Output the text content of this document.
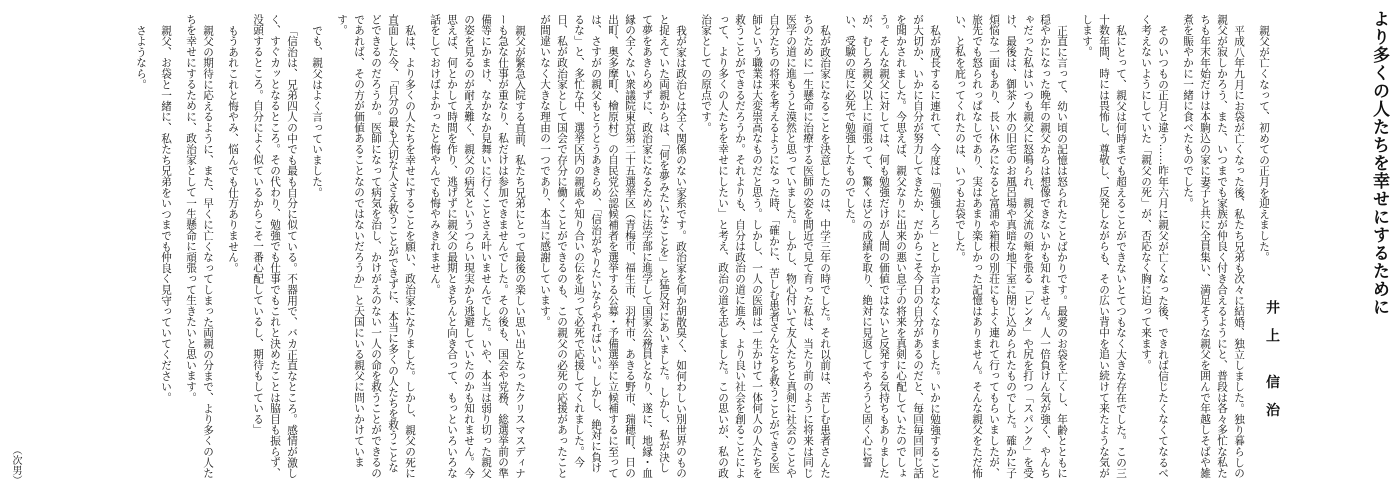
より多くの人たちを幸せにするために
井上 信治

親父が亡くなって、初めての正月を迎えました。

平成八年九月にお袋が亡くなった後、私たち兄弟も次々に結婚、独立しました。独り暮らしの親父が寂しかろう、また、いつまでも家族が仲良く付き合えるようにと、普段は各々多忙な私たちも年末年始だけは本駒込の家に妻子と共に全員集い、満足そうな親父を囲んで年越しそばや雑煮を賑やかに一緒に食べたものでした。

そのいつもの正月と違う……昨年六月に親父が亡くなった後、できれば信じたくなくてなるべく考えないようにしていた「親父の死」が、否応なく胸に迫って来ます。

私にとって、親父は何時までも超えることができないとてつもなく大きな存在でした。この三十数年間、時には畏怖し、尊敬し、反発しながらも、その広い背中を追い続けて来たような気がします。

正直に言って、幼い頃の記憶は怒られたことばかりです。最愛のお袋を亡くし、年齢とともに穏やかになった晩年の親父からは想像できないかも知れません。人一倍負けん気が強く、やんちゃだった私はいつも親父に怒鳴られ、親父流の頬を張る「ビンタ」や尻を打つ「スパンク」を受け、最後は、御茶ノ水の旧宅のお風呂場や真暗な地下室に閉じ込められたものでした。確かに子煩悩な一面もあり、長い休みになると富浦や箱根の別荘にもよく連れて行ってもらいましたが、旅先でも怒られっぱなしであり、実はあまり楽しかった記憶はありません。そんな親父をただ怖い、と私を庇ってくれたのは、いつもお袋でした。

私が成長するに連れて、今度は「勉強しろ」としか言わなくなりました。いかに勉強することが大切か、いかに自分が努力してきたか、だからこそ今日の自分があるのだと、毎回毎回同じ話を聞かされました。今思えば、親父なりに出来の悪い息子の将来を真剣に心配していたのでしょう。そんな親父に対しては、何も勉強だけが人間の価値ではないと反発する気持ちもありましたが、むしろ親父以上に頑張って、驚くほどの成績を取り、絶対に見返してやろうと固く心に誓い、受験の度に必死で勉強したものでした。

私が政治家になることを決意したのは、中学三年の時でした。それ以前は、苦しむ患者さんたちのために一生懸命に治療する医師の姿を間近で見て育った私は、当たり前のように将来は同じ医学の道に進もうと漠然と思っていました。しかし、物心付いて友人たちと真剣に社会のことや自分たちの将来を考えるようになった時、「確かに、苦しむ患者さんたちを救うことができる医師という職業は大変崇高なものだと思う。しかし、一人の医師は一生かけて一体何人の人たちを救うことができるだろうか。それよりも、自分は政治の道に進み、より良い社会を創ることによって、より多くの人たちを幸せにしたい」と考え、政治の道を志しました。この思いが、私の政治家としての原点です。

我が家は政治とは全く関係のない家系です。政治家を何か胡散臭く、如何わしい別世界のものと捉えていた両親からは、「何を夢みたいなことを」と猛反対にあいました。しかし、私が決して夢をあきらめずに、政治家になるために法学部に進学して国家公務員となり、遂に、地縁・血縁の全くない衆議院東京第二十五選挙区（青梅市、福生市、羽村市、あきる野市、瑞穂町、日の出町、奥多摩町、檜原村）の自民党公認候補者を選挙する公募・予備選挙に立候補するに至っては、さすがの親父もとうとうあきらめ、「信治がやりたいならやればいい。しかし、絶対に負けるな」と、多忙な中、選挙区内の親戚や知り合いの伝を辿って必死で応援してくれました。今日、私が政治家として国会で存分に働くことができるのも、この親父の必死の応援があったことが間違いなく大きな理由の一つであり、本当に感謝しています。

親父が緊急入院する直前、私たち兄弟にとって最後の楽しい思い出となったクリスマスディナーも急な仕事が重なり、私だけは参加できませんでした。その後も、国会や党務、総選挙前の準備等にかまけ、なかなか見舞いに行くことさえ叶いませんでした。いや、本当は弱り切った親父の姿を見るのが耐え難く、親父の病気というつらい現実から逃避していたのかも知れません。今思えば、何とかして時間を作り、逃げずに親父の最期ときちんと向き合って、もっといろいろな話をしておけばよかったと悔やんでも悔やみきれません。

私は、より多くの人たちを幸せにすることを願い、政治家になりました。しかし、親父の死に直面した今、「自分の最も大切な人さえ救うことができずに、本当に多くの人たちを救うことなどできるのだろうか。医師になって病気を治し、かけがえのない一人の命を救うことができるのであれば、その方が価値あることなのではないだろうか」と天国にいる親父に問いかけています。

でも、親父はよく言っていました。

「信治は、兄弟四人の中でも最も自分に似ている。不器用で、バカ正直なところ。感情が激しく、すぐカッとなるところ。その代わり、勉強でも仕事でもこれと決めたことは脇目も振らず、没頭するところ。自分によく似ているからこそ一番心配しているし、期待もしている」

もうあれこれと悔やみ、悩んでも仕方ありません。

親父の期待に応えるように、また、早くに亡くなってしまった両親の分まで、より多くの人たちを幸せにするために、政治家として一生懸命に頑張って生きたいと思います。

親父、お袋と一緒に、私たち兄弟をいつまでも仲良く見守っていてください。

さようなら。

（次男）
